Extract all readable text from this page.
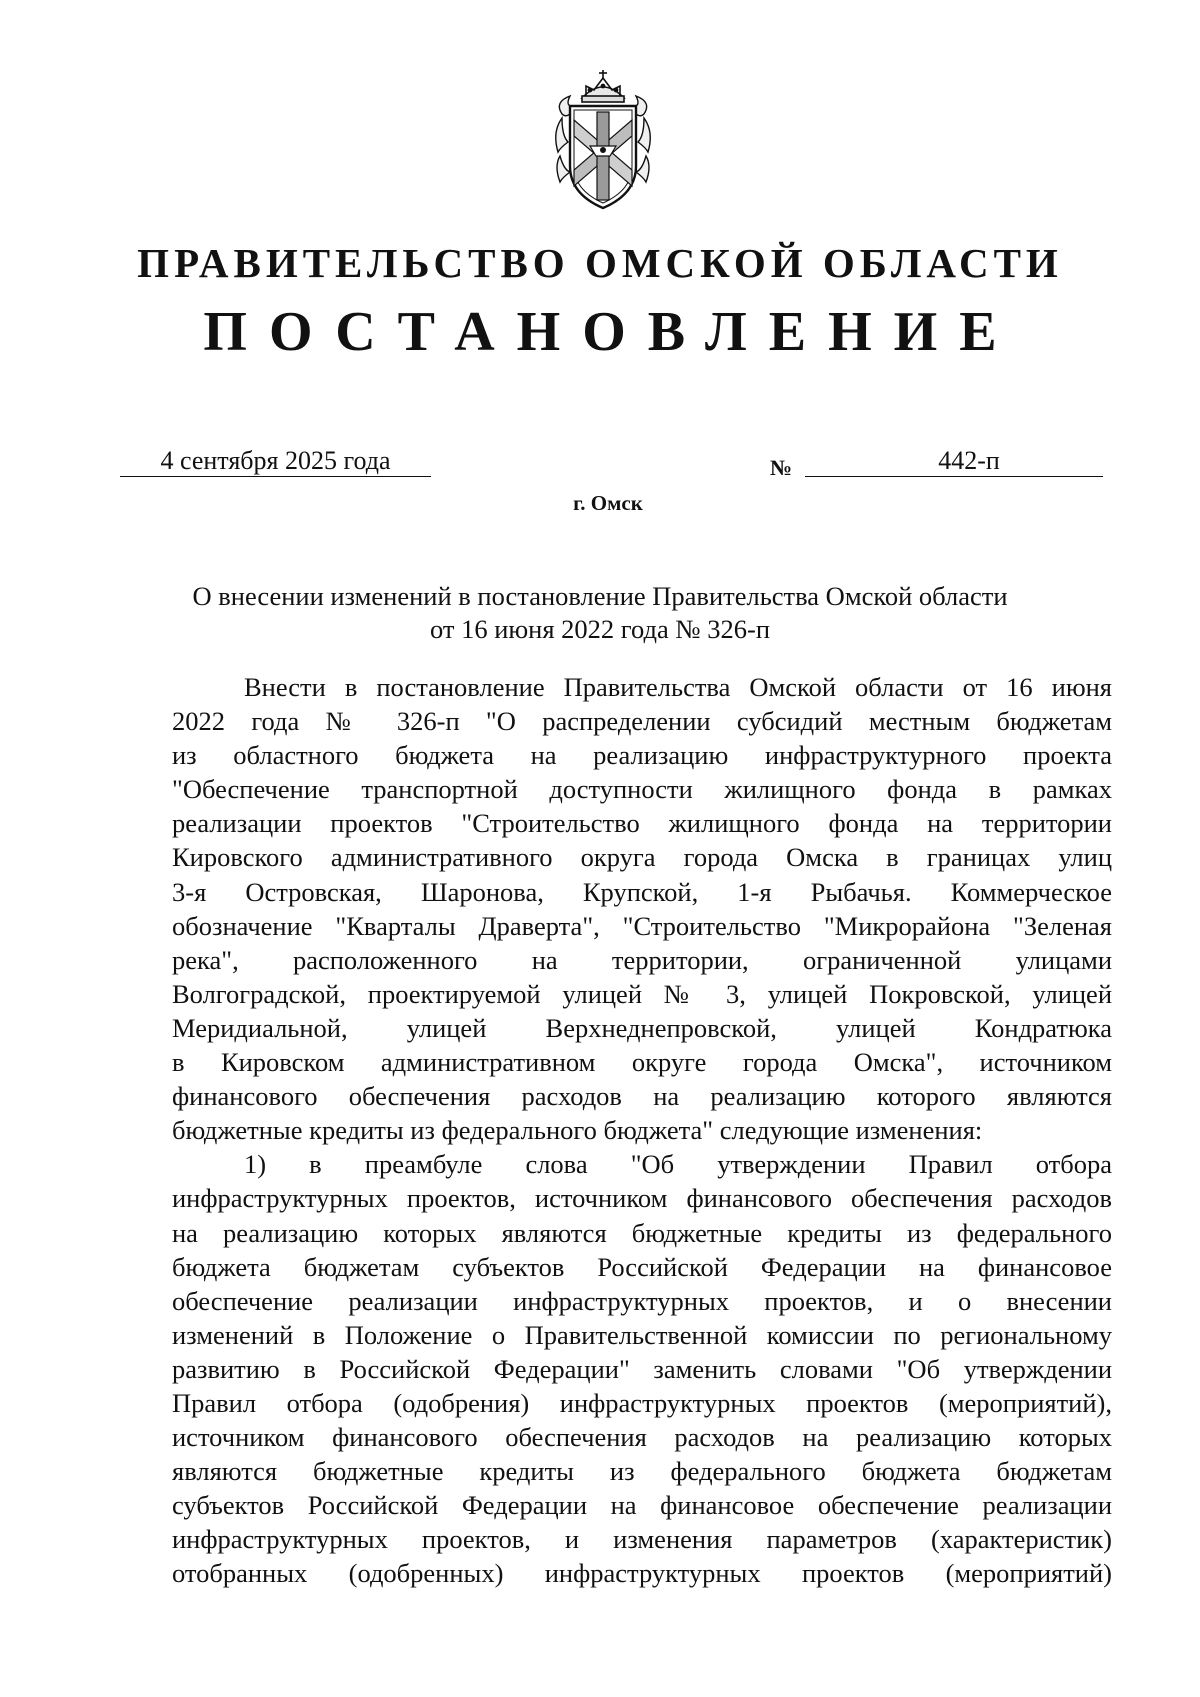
ПРАВИТЕЛЬСТВО ОМСКОЙ ОБЛАСТИ
ПОСТАНОВЛЕНИЕ
4 сентября 2025 года	№	442-п
г. Омск
О внесении изменений в постановление Правительства Омской области
от 16 июня 2022 года № 326-п
Внести в постановление Правительства Омской области от 16 июня
2022 года № 326-п "О распределении субсидий местным бюджетам
из областного бюджета на реализацию инфраструктурного проекта
"Обеспечение транспортной доступности жилищного фонда в рамках
реализации проектов "Строительство жилищного фонда на территории
Кировского административного округа города Омска в границах улиц
3-я Островская, Шаронова, Крупской, 1-я Рыбачья. Коммерческое
обозначение "Кварталы Драверта", "Строительство "Микрорайона "Зеленая
река", расположенного на территории, ограниченной улицами
Волгоградской, проектируемой улицей № 3, улицей Покровской, улицей
Меридиальной, улицей Верхнеднепровской, улицей Кондратюка
в Кировском административном округе города Омска", источником
финансового обеспечения расходов на реализацию которого являются
бюджетные кредиты из федерального бюджета" следующие изменения:
1) в преамбуле слова "Об утверждении Правил отбора
инфраструктурных проектов, источником финансового обеспечения расходов
на реализацию которых являются бюджетные кредиты из федерального
бюджета бюджетам субъектов Российской Федерации на финансовое
обеспечение реализации инфраструктурных проектов, и о внесении
изменений в Положение о Правительственной комиссии по региональному
развитию в Российской Федерации" заменить словами "Об утверждении
Правил отбора (одобрения) инфраструктурных проектов (мероприятий),
источником финансового обеспечения расходов на реализацию которых
являются бюджетные кредиты из федерального бюджета бюджетам
субъектов Российской Федерации на финансовое обеспечение реализации
инфраструктурных проектов, и изменения параметров (характеристик)
отобранных (одобренных) инфраструктурных проектов (мероприятий)
